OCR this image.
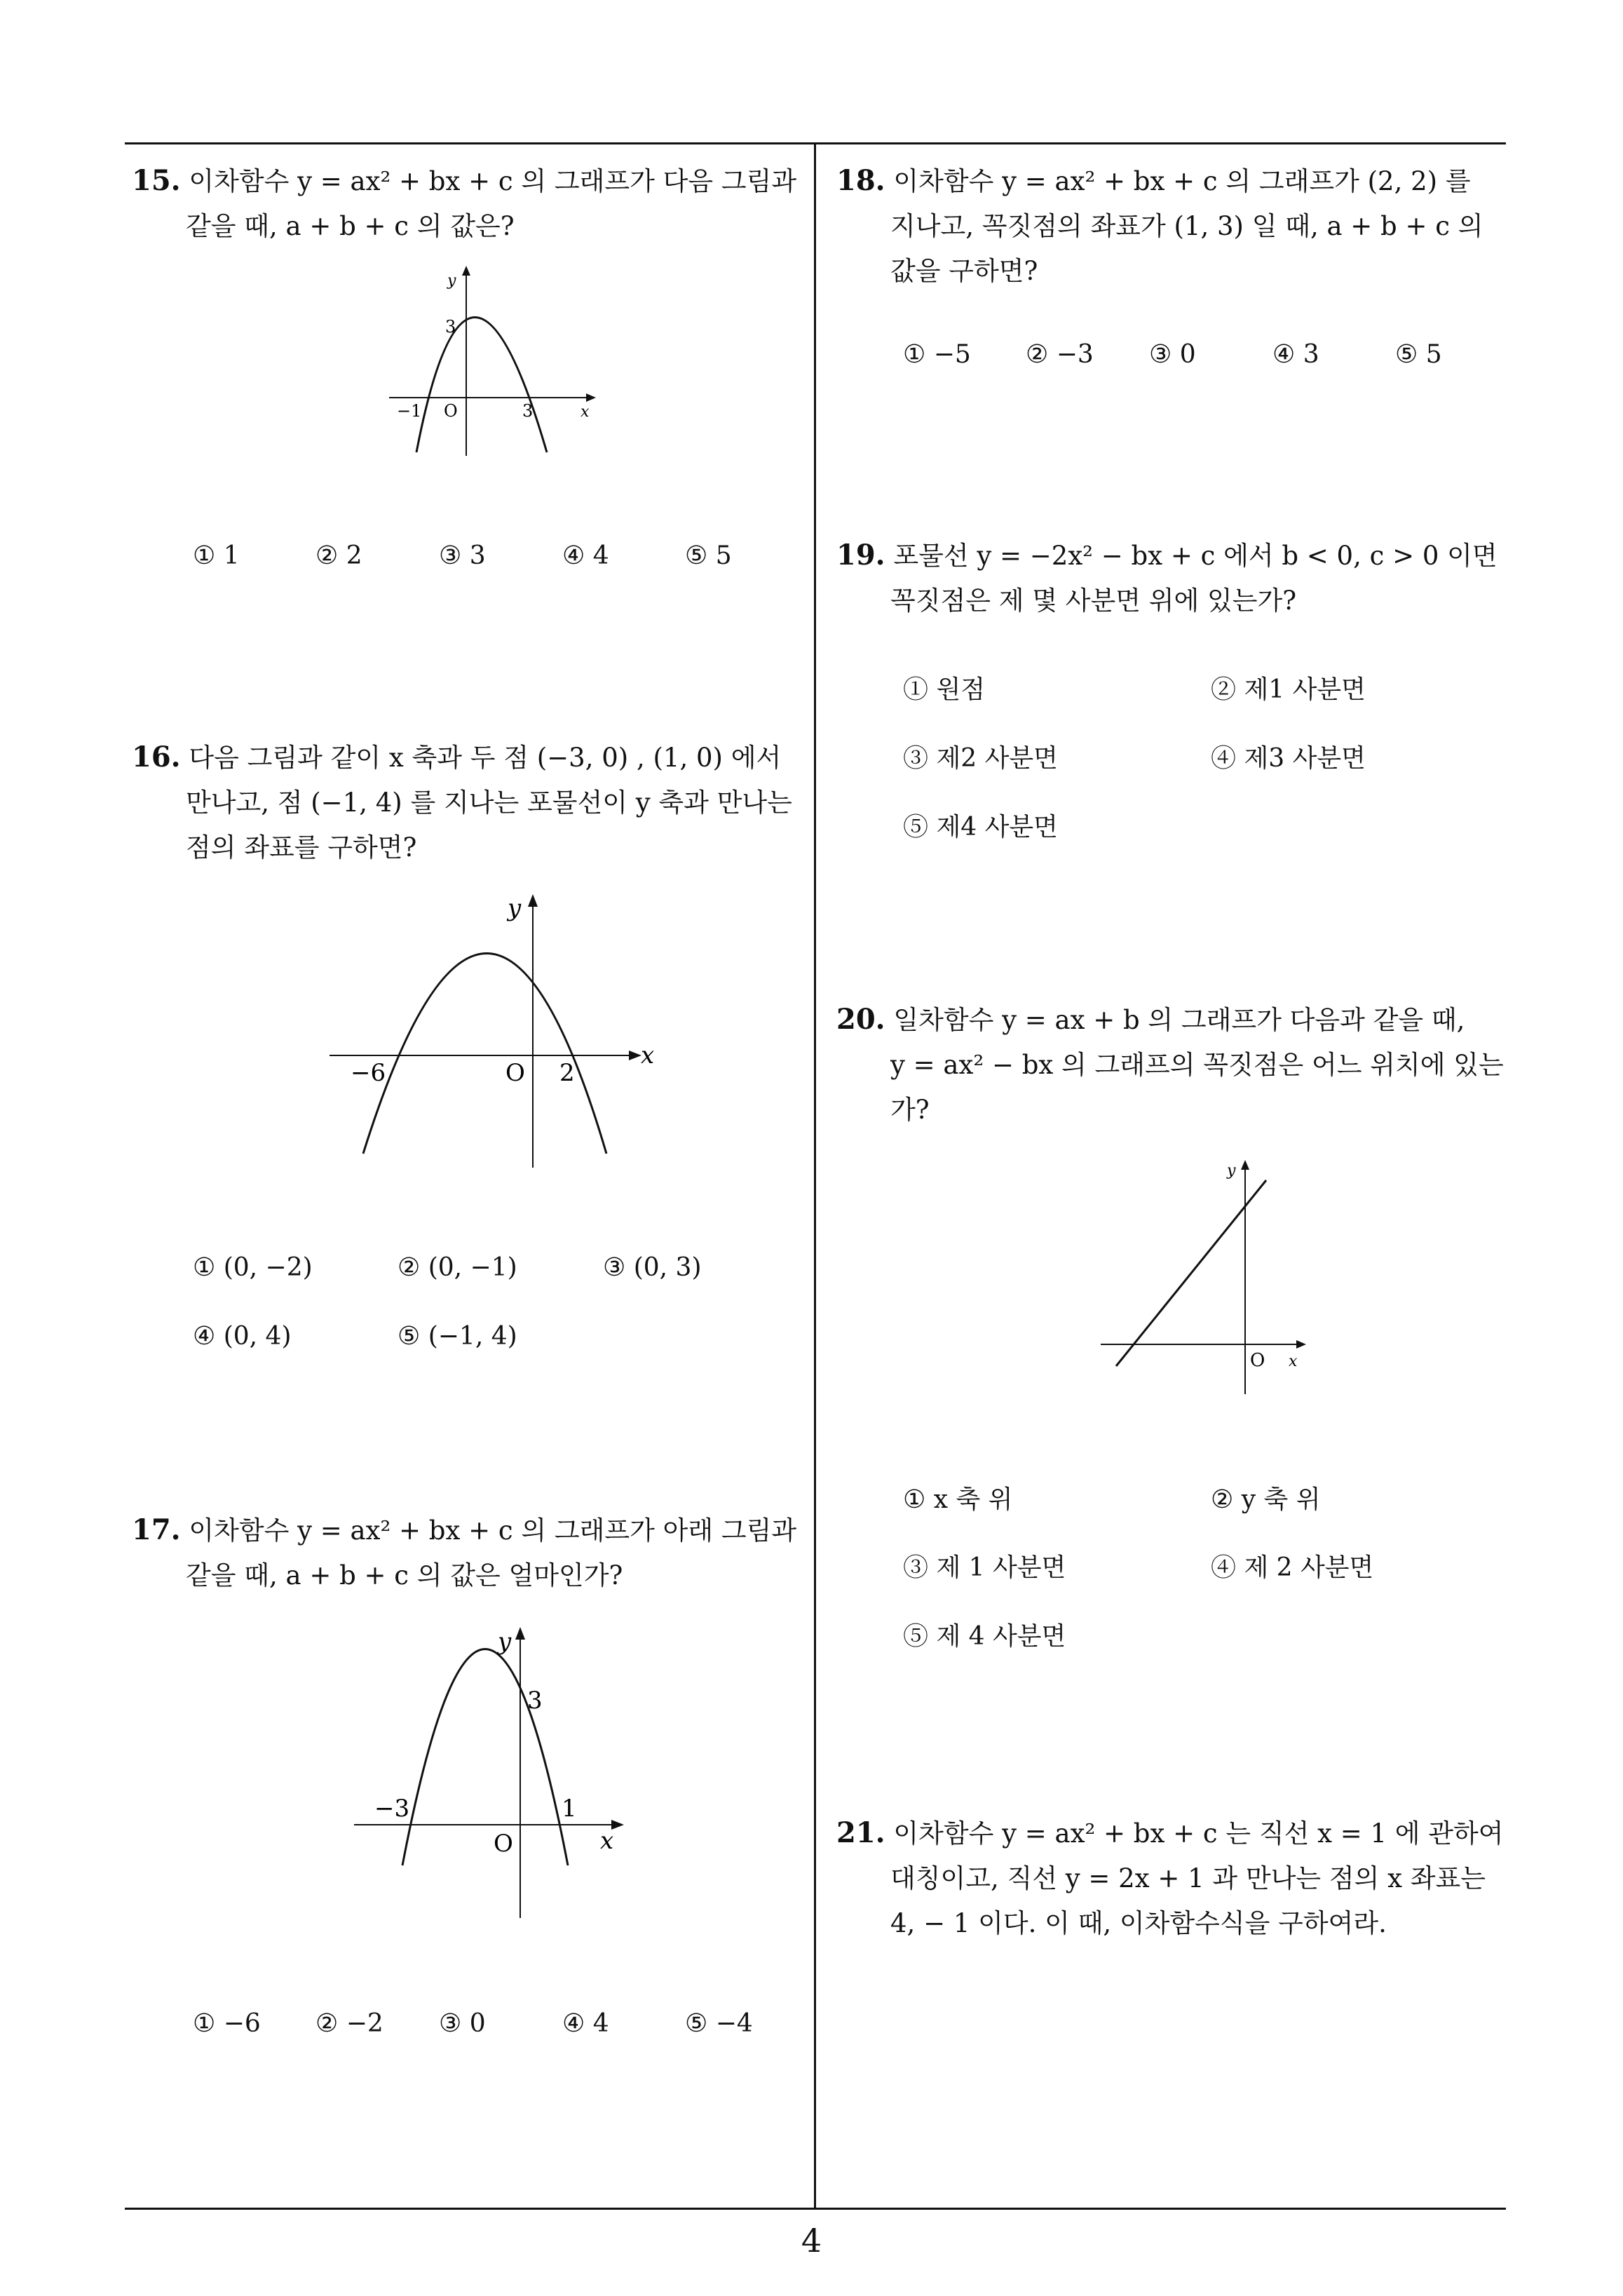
4
15. 이차함수 y = ax² + bx + c 의 그래프가 다음 그림과
같을 때, a + b + c 의 값은?
y
x
3
−1 O	3
① 1	② 2	③ 3	④ 4	⑤ 5
16. 다음 그림과 같이 x 축과 두 점 (−3, 0) , (1, 0) 에서
만나고, 점 (−1, 4) 를 지나는 포물선이 y 축과 만나는
점의 좌표를 구하면?
y
x
−6	O 2
① (0, −2)	② (0, −1)	③ (0, 3)
④ (0, 4)	⑤ (−1, 4)
17. 이차함수 y = ax² + bx + c 의 그래프가 아래 그림과
같을 때, a + b + c 의 값은 얼마인가?
y
x
3
−3	1
O
① −6 ② −2 ③ 0	④ 4	⑤ −4
18. 이차함수 y = ax² + bx + c 의 그래프가 (2, 2) 를
지나고, 꼭짓점의 좌표가 (1, 3) 일 때, a + b + c 의
값을 구하면?
① −5 ② −3 ③ 0	④ 3	⑤ 5
19. 포물선 y = −2x² − bx + c 에서 b < 0, c > 0 이면
꼭짓점은 제 몇 사분면 위에 있는가?
① 원점	② 제1 사분면
③ 제2 사분면	④ 제3 사분면
⑤ 제4 사분면
20. 일차함수 y = ax + b 의 그래프가 다음과 같을 때,
y = ax² − bx 의 그래프의 꼭짓점은 어느 위치에 있는
가?
y
x
O
① x 축 위	② y 축 위
③ 제 1 사분면	④ 제 2 사분면
⑤ 제 4 사분면
21. 이차함수 y = ax² + bx + c 는 직선 x = 1 에 관하여
대칭이고, 직선 y = 2x + 1 과 만나는 점의 x 좌표는
4, − 1 이다. 이 때, 이차함수식을 구하여라.
